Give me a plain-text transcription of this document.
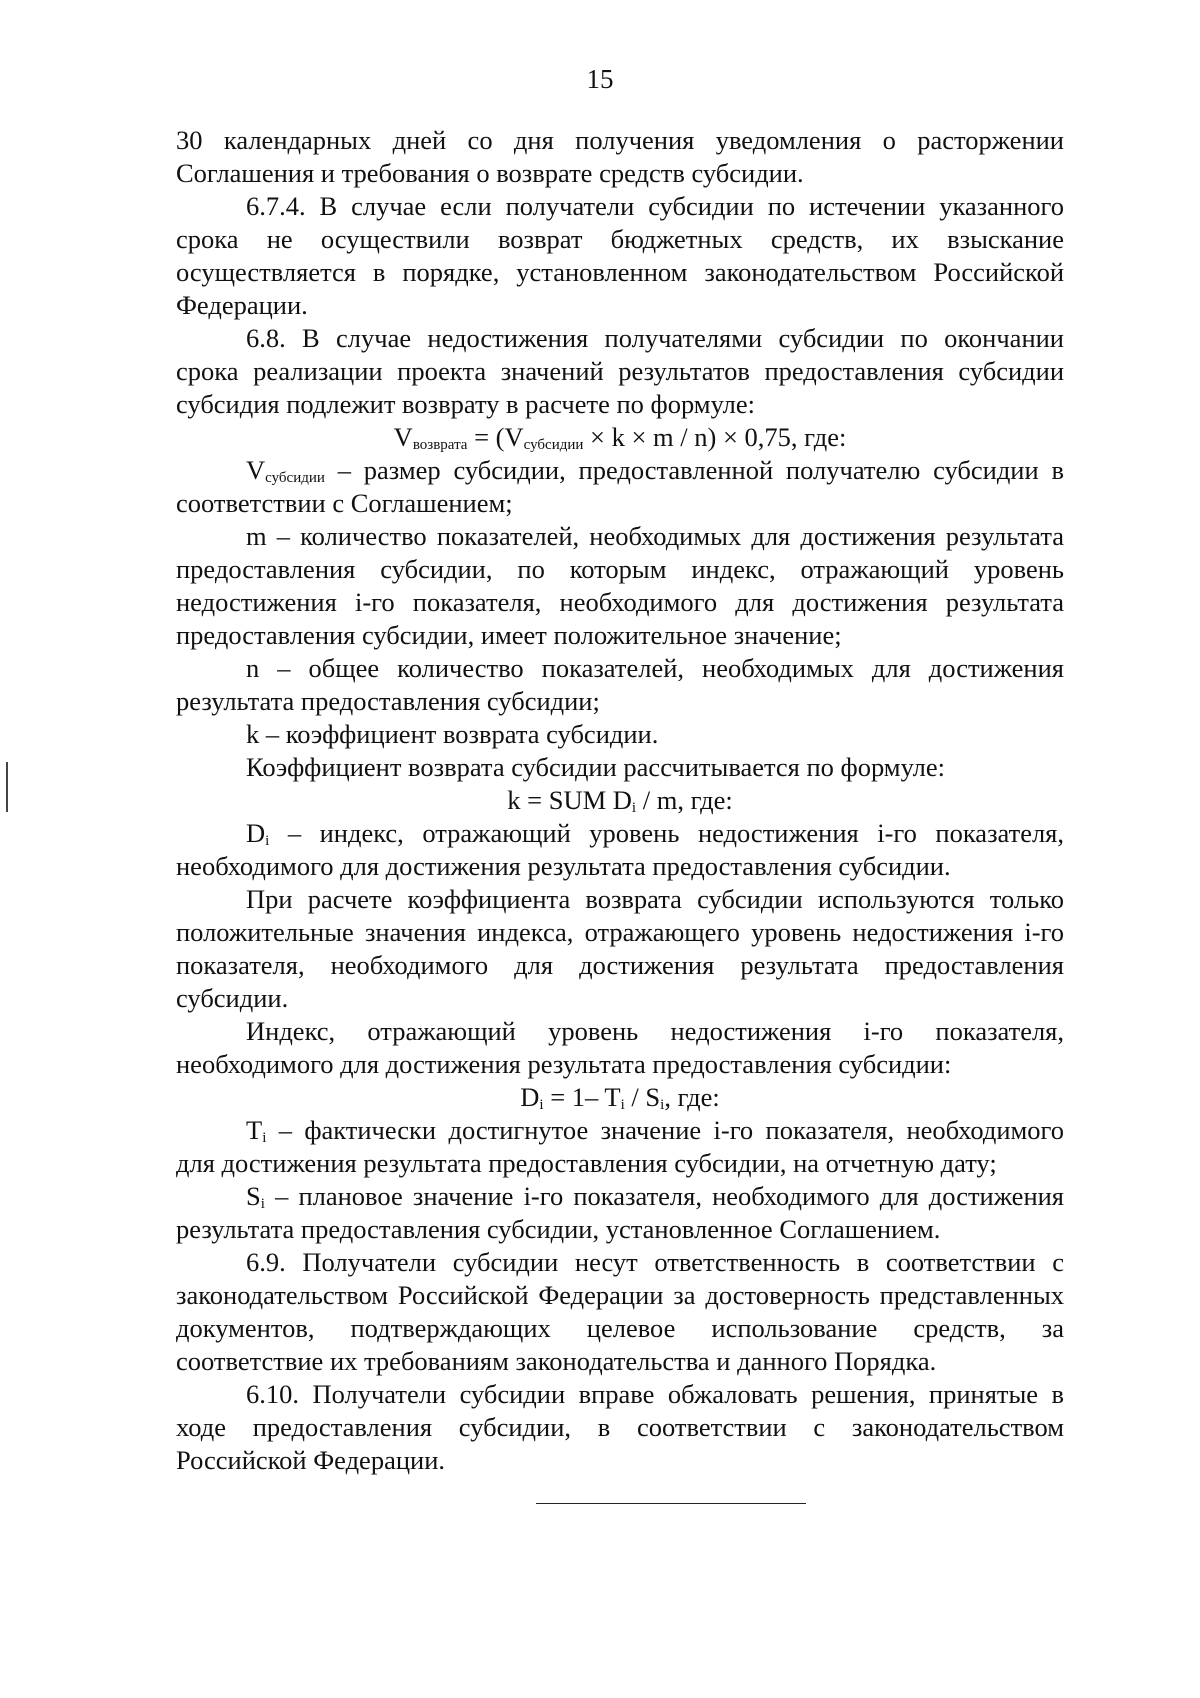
15

30 календарных дней со дня получения уведомления о расторжении Соглашения и требования о возврате средств субсидии.

6.7.4. В случае если получатели субсидии по истечении указанного срока не осуществили возврат бюджетных средств, их взыскание осуществляется в порядке, установленном законодательством Российской Федерации.

6.8. В случае недостижения получателями субсидии по окончании срока реализации проекта значений результатов предоставления субсидии субсидия подлежит возврату в расчете по формуле:

$V_{возврата} = (V_{субсидии} \times k \times m / n) \times 0,75$, где:

$V_{субсидии}$ – размер субсидии, предоставленной получателю субсидии в соответствии с Соглашением;

m – количество показателей, необходимых для достижения результата предоставления субсидии, по которым индекс, отражающий уровень недостижения i-го показателя, необходимого для достижения результата предоставления субсидии, имеет положительное значение;

n – общее количество показателей, необходимых для достижения результата предоставления субсидии;

k – коэффициент возврата субсидии.

Коэффициент возврата субсидии рассчитывается по формуле:

k = SUM $D_i$ / m, где:

$D_i$ – индекс, отражающий уровень недостижения i-го показателя, необходимого для достижения результата предоставления субсидии.

При расчете коэффициента возврата субсидии используются только положительные значения индекса, отражающего уровень недостижения i-го показателя, необходимого для достижения результата предоставления субсидии.

Индекс, отражающий уровень недостижения i-го показателя, необходимого для достижения результата предоставления субсидии:

$D_i = 1-$ $T_i / S_i$, где:

$T_i$ – фактически достигнутое значение i-го показателя, необходимого для достижения результата предоставления субсидии, на отчетную дату;

$S_i$ – плановое значение i-го показателя, необходимого для достижения результата предоставления субсидии, установленное Соглашением.

6.9. Получатели субсидии несут ответственность в соответствии с законодательством Российской Федерации за достоверность представленных документов, подтверждающих целевое использование средств, за соответствие их требованиям законодательства и данного Порядка.

6.10. Получатели субсидии вправе обжаловать решения, принятые в ходе предоставления субсидии, в соответствии с законодательством Российской Федерации.
